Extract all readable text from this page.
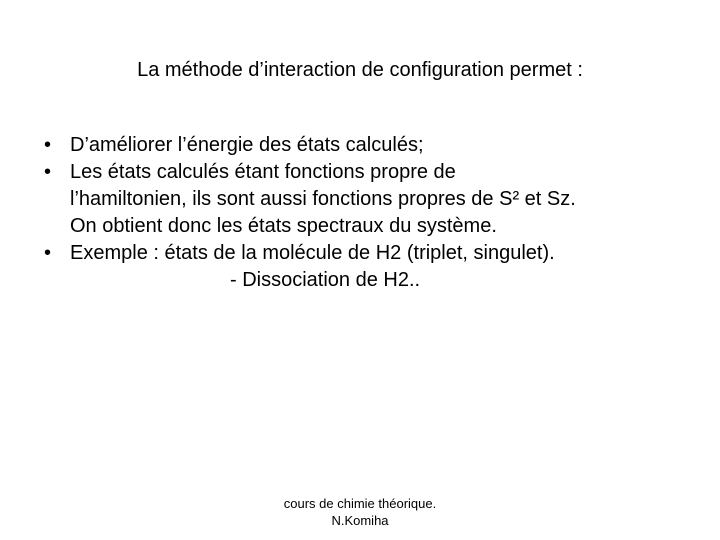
La méthode d’interaction de configuration permet :
• D’améliorer l’énergie des états calculés;
• Les états calculés étant fonctions propre de
l’hamiltonien, ils sont aussi fonctions propres de S² et Sz.
On obtient donc les états spectraux du système.
• Exemple : états de la molécule de H2 (triplet, singulet).
- Dissociation de H2..
cours de chimie théorique.
N.Komiha
